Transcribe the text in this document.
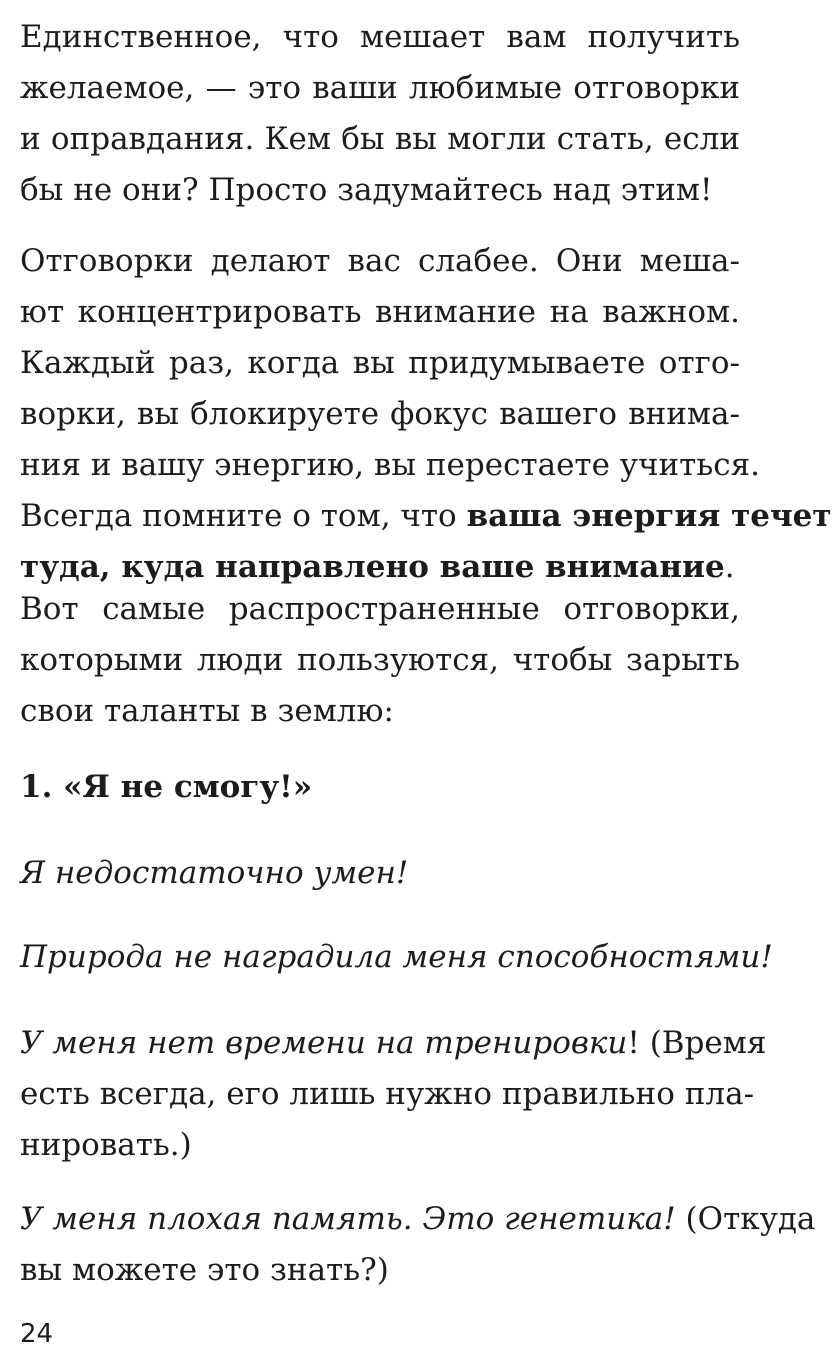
Единственное, что мешает вам получить
желаемое, — это ваши любимые отговорки
и оправдания. Кем бы вы могли стать, если
бы не они? Просто задумайтесь над этим!
Отговорки делают вас слабее. Они меша-
ют концентрировать внимание на важном.
Каждый раз, когда вы придумываете отго-
ворки, вы блокируете фокус вашего внима-
ния и вашу энергию, вы перестаете учиться.
Всегда помните о том, что ваша энергия течет
туда, куда направлено ваше внимание.
Вот самые распространенные отговорки,
которыми люди пользуются, чтобы зарыть
свои таланты в землю:
1. «Я не смогу!»
Я недостаточно умен!
Природа не наградила меня способностями!
У меня нет времени на тренировки! (Время
есть всегда, его лишь нужно правильно пла-
нировать.)
У меня плохая память. Это генетика! (Откуда
вы можете это знать?)
24
